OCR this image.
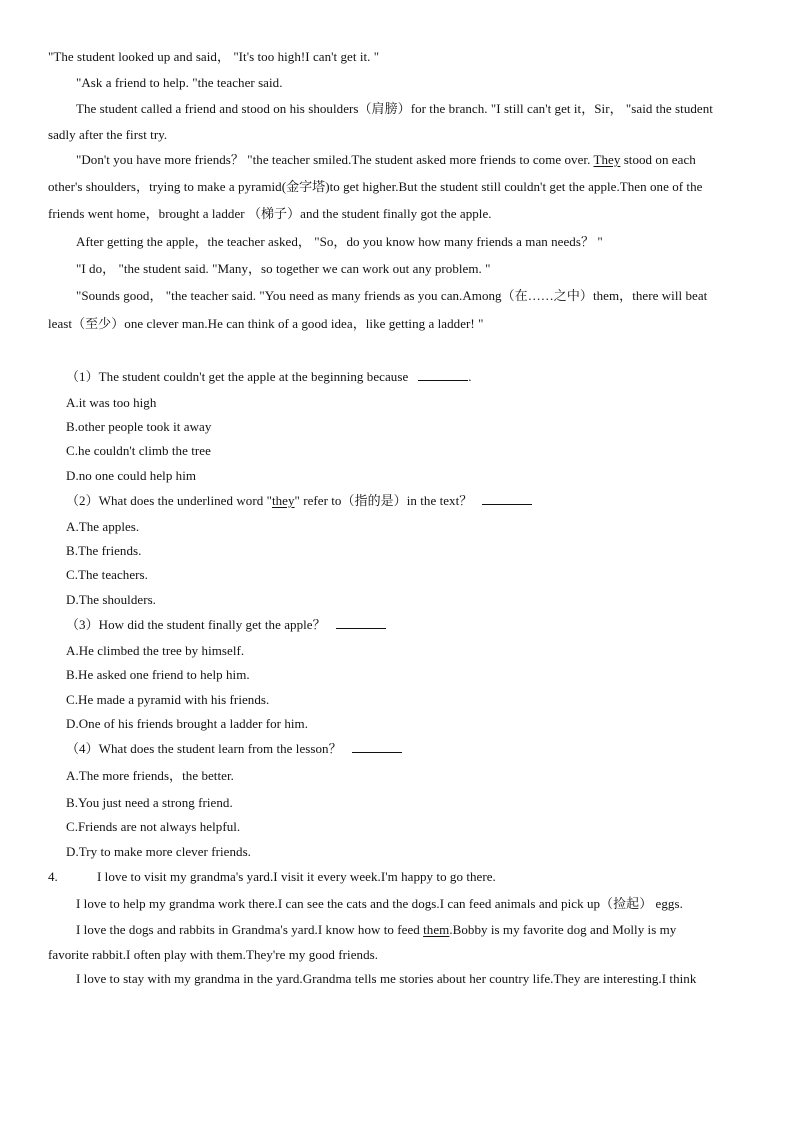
"The student looked up and said， "It's too high!I can't get it. "
"Ask a friend to help. "the teacher said.
The student called a friend and stood on his shoulders（肩膀）for the branch. "I still can't get it，Sir， "said the student
sadly after the first try.
"Don't you have more friends？ "the teacher smiled.The student asked more friends to come over. They stood on each
other's shoulders，trying to make a pyramid(金字塔)to get higher.But the student still couldn't get the apple.Then one of the
friends went home，brought a ladder （梯子）and the student finally got the apple.
After getting the apple，the teacher asked， "So，do you know how many friends a man needs？ "
"I do， "the student said. "Many，so together we can work out any problem. "
"Sounds good， "the teacher said. "You need as many friends as you can.Among（在……之中）them，there will beat
least（至少）one clever man.He can think of a good idea，like getting a ladder! "
（1）The student couldn't get the apple at the beginning because	.
A.it was too high
B.other people took it away
C.he couldn't climb the tree
D.no one could help him
（2）What does the underlined word "they" refer to（指的是）in the text？
A.The apples.
B.The friends.
C.The teachers.
D.The shoulders.
（3）How did the student finally get the apple？
A.He climbed the tree by himself.
B.He asked one friend to help him.
C.He made a pyramid with his friends.
D.One of his friends brought a ladder for him.
（4）What does the student learn from the lesson？
A.The more friends，the better.
B.You just need a strong friend.
C.Friends are not always helpful.
D.Try to make more clever friends.
4.	I love to visit my grandma's yard.I visit it every week.I'm happy to go there.
I love to help my grandma work there.I can see the cats and the dogs.I can feed animals and pick up（捡起） eggs.
I love the dogs and rabbits in Grandma's yard.I know how to feed them.Bobby is my favorite dog and Molly is my
favorite rabbit.I often play with them.They're my good friends.
I love to stay with my grandma in the yard.Grandma tells me stories about her country life.They are interesting.I think
